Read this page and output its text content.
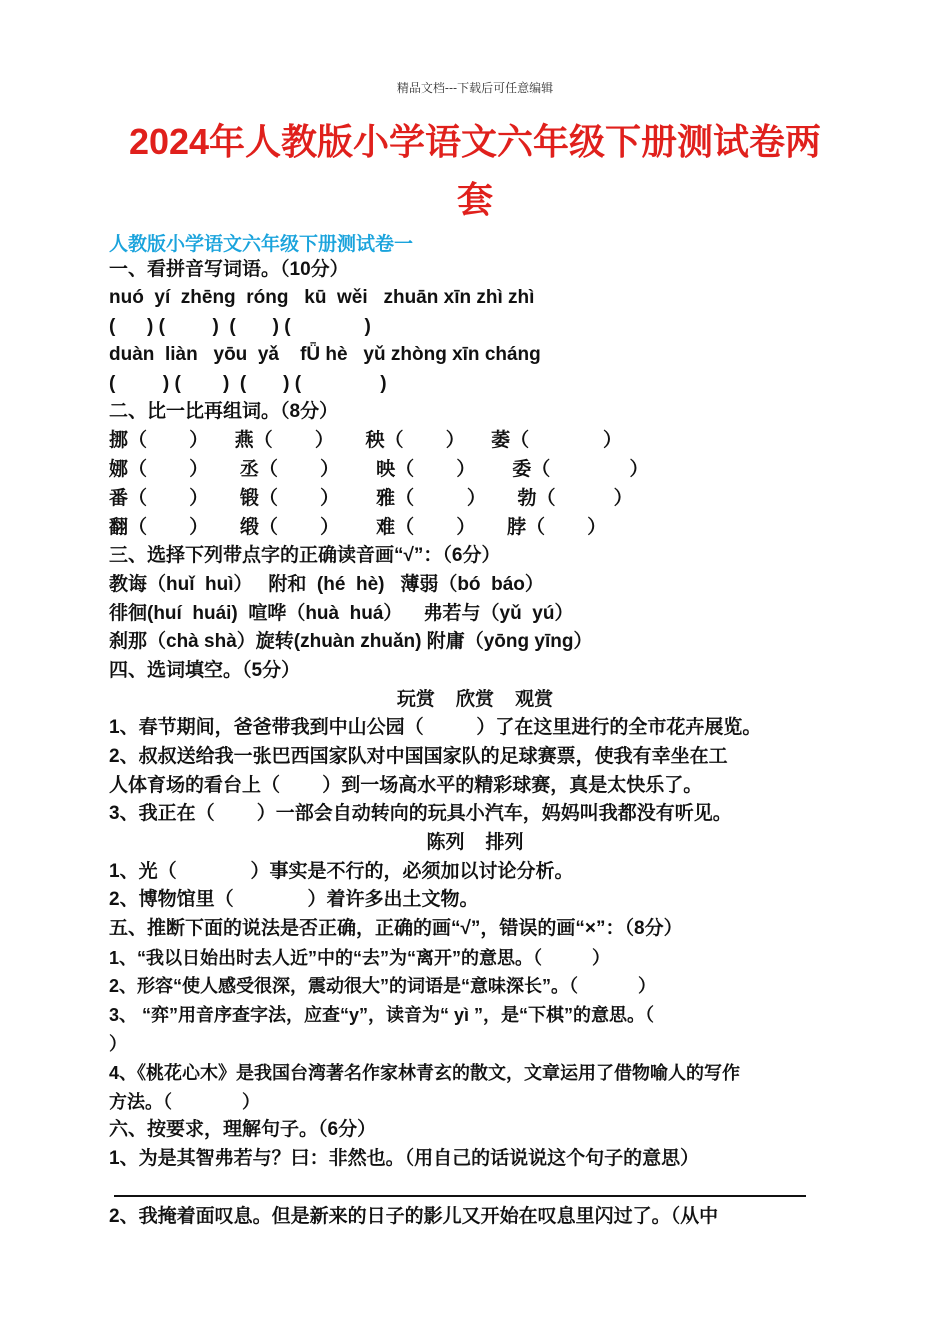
精品文档---下载后可任意编辑
2024年人教版小学语文六年级下册测试卷两
套
人教版小学语文六年级下册测试卷一
一、看拼音写词语。（10分）
nuó  yí  zhēng  róng   kū  wěi   zhuān xīn zhì zhì
(      ) (         )  (       ) (              )
duàn  liàn   yōu  yǎ    fǕ hè   yǔ zhòng xīn cháng
(         ) (        )  (       ) (               )
二、比一比再组词。（8分）
挪（        ）     燕（        ）      秧（        ）     萎（              ）
娜（        ）      丞（        ）       映（        ）       委（               ）
番（        ）      锻（        ）       雅（          ）      勃（           ）
翻（        ）      缎（        ）       难（        ）      脖（        ）
三、选择下列带点字的正确读音画“√”：（6分）
教诲（huǐ  huì）   附和  (hé  hè)   薄弱（bó  báo）
徘徊(huí  huái)  喧哗（huà  huá）    弗若与（yǔ  yú）
刹那（chà shà）旋转(zhuàn zhuǎn) 附庸（yōng yīng）
四、选词填空。（5分）
玩赏    欣赏    观赏
1、春节期间，爸爸带我到中山公园（          ）了在这里进行的全市花卉展览。
2、叔叔送给我一张巴西国家队对中国国家队的足球赛票，使我有幸坐在工
人体育场的看台上（        ）到一场高水平的精彩球赛，真是太快乐了。
3、我正在（        ）一部会自动转向的玩具小汽车，妈妈叫我都没有听见。
陈列    排列
1、光（              ）事实是不行的，必须加以讨论分析。
2、博物馆里（              ）着许多出土文物。
五、推断下面的说法是否正确，正确的画“√”，错误的画“×”：（8分）
1、“我以日始出时去人近”中的“去”为“离开”的意思。（          ）
2、形容“使人感受很深，震动很大”的词语是“意味深长”。（            ）
3、 “弈”用音序查字法，应查“y”，读音为“ yì ”，是“下棋”的意思。（
）
4、《桃花心木》是我国台湾著名作家林青玄的散文，文章运用了借物喻人的写作
方法。（              ）
六、按要求，理解句子。（6分）
1、为是其智弗若与？曰：非然也。（用自己的话说说这个句子的意思）
2、我掩着面叹息。但是新来的日子的影儿又开始在叹息里闪过了。（从中
